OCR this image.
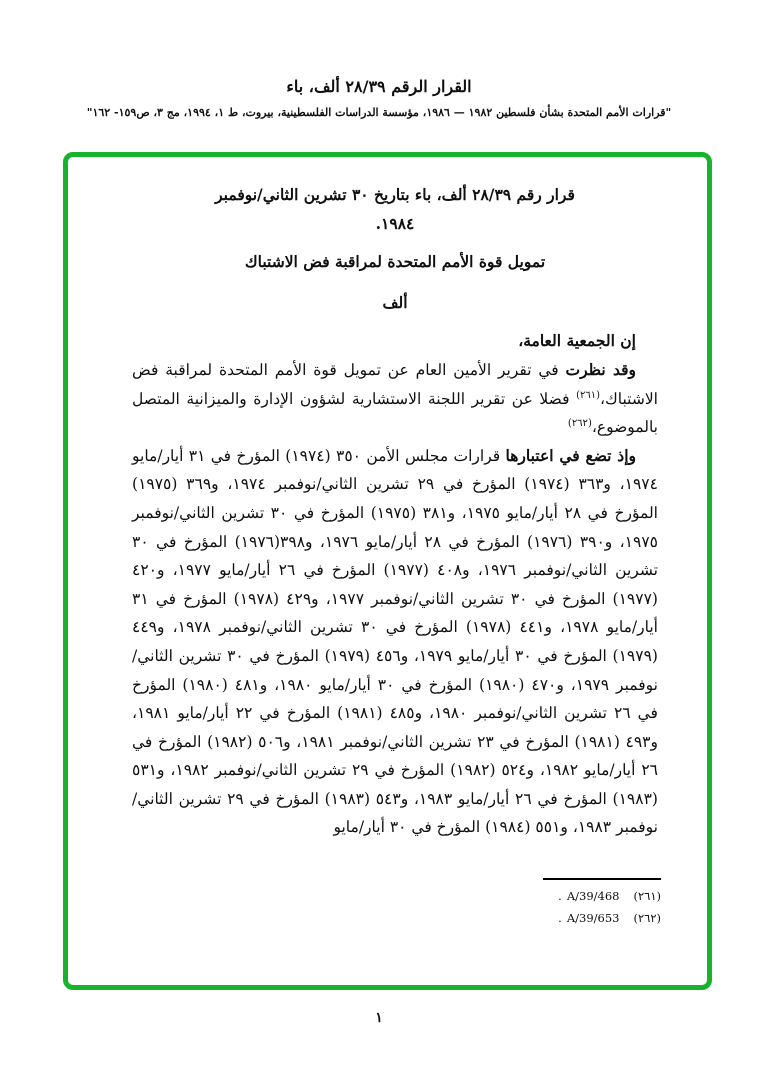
القرار الرقم ٢٨/٣٩ ألف، باء
"قرارات الأمم المتحدة بشأن فلسطين ١٩٨٢ — ١٩٨٦، مؤسسة الدراسات الفلسطينية، بيروت، ط ١، ١٩٩٤، مج ٣، ص١٥٩- ١٦٢"
قرار رقم ٢٨/٣٩ ألف، باء بتاريخ ٣٠ تشرين الثاني/نوفمبر
١٩٨٤.
تمويل قوة الأمم المتحدة لمراقبة فض الاشتباك
ألف
إن الجمعية العامة،

وقد نظرت في تقرير الأمين العام عن تمويل قوة الأمم المتحدة لمراقبة فض الاشتباك،$^{(٢٦١)}$ فضلا عن تقرير اللجنة الاستشارية لشؤون الإدارة والميزانية المتصل بالموضوع،$^{(٢٦٢)}$

وإذ تضع في اعتبارها قرارات مجلس الأمن ٣٥٠ (١٩٧٤) المؤرخ في ٣١ أيار/مايو ١٩٧٤، و٣٦٣ (١٩٧٤) المؤرخ في ٢٩ تشرين الثاني/نوفمبر ١٩٧٤، و٣٦٩ (١٩٧٥) المؤرخ في ٢٨ أيار/مايو ١٩٧٥، و٣٨١ (١٩٧٥) المؤرخ في ٣٠ تشرين الثاني/نوفمبر ١٩٧٥، و٣٩٠ (١٩٧٦) المؤرخ في ٢٨ أيار/مايو ١٩٧٦، و٣٩٨(١٩٧٦) المؤرخ في ٣٠ تشرين الثاني/نوفمبر ١٩٧٦، و٤٠٨ (١٩٧٧) المؤرخ في ٢٦ أيار/مايو ١٩٧٧، و٤٢٠ (١٩٧٧) المؤرخ في ٣٠ تشرين الثاني/نوفمبر ١٩٧٧، و٤٢٩ (١٩٧٨) المؤرخ في ٣١ أيار/مايو ١٩٧٨، و٤٤١ (١٩٧٨) المؤرخ في ٣٠ تشرين الثاني/نوفمبر ١٩٧٨، و٤٤٩ (١٩٧٩) المؤرخ في ٣٠ أيار/مايو ١٩٧٩، و٤٥٦ (١٩٧٩) المؤرخ في ٣٠ تشرين الثاني/نوفمبر ١٩٧٩، و٤٧٠ (١٩٨٠) المؤرخ في ٣٠ أيار/مايو ١٩٨٠، و٤٨١ (١٩٨٠) المؤرخ في ٢٦ تشرين الثاني/نوفمبر ١٩٨٠، و٤٨٥ (١٩٨١) المؤرخ في ٢٢ أيار/مايو ١٩٨١، و٤٩٣ (١٩٨١) المؤرخ في ٢٣ تشرين الثاني/نوفمبر ١٩٨١، و٥٠٦ (١٩٨٢) المؤرخ في ٢٦ أيار/مايو ١٩٨٢، و٥٢٤ (١٩٨٢) المؤرخ في ٢٩ تشرين الثاني/نوفمبر ١٩٨٢، و٥٣١ (١٩٨٣) المؤرخ في ٢٦ أيار/مايو ١٩٨٣، و٥٤٣ (١٩٨٣) المؤرخ في ٢٩ تشرين الثاني/نوفمبر ١٩٨٣، و٥٥١ (١٩٨٤) المؤرخ في ٣٠ أيار/مايو

(٢٦١)
A/39/468
.
(٢٦٢)
A/39/653
.
١
